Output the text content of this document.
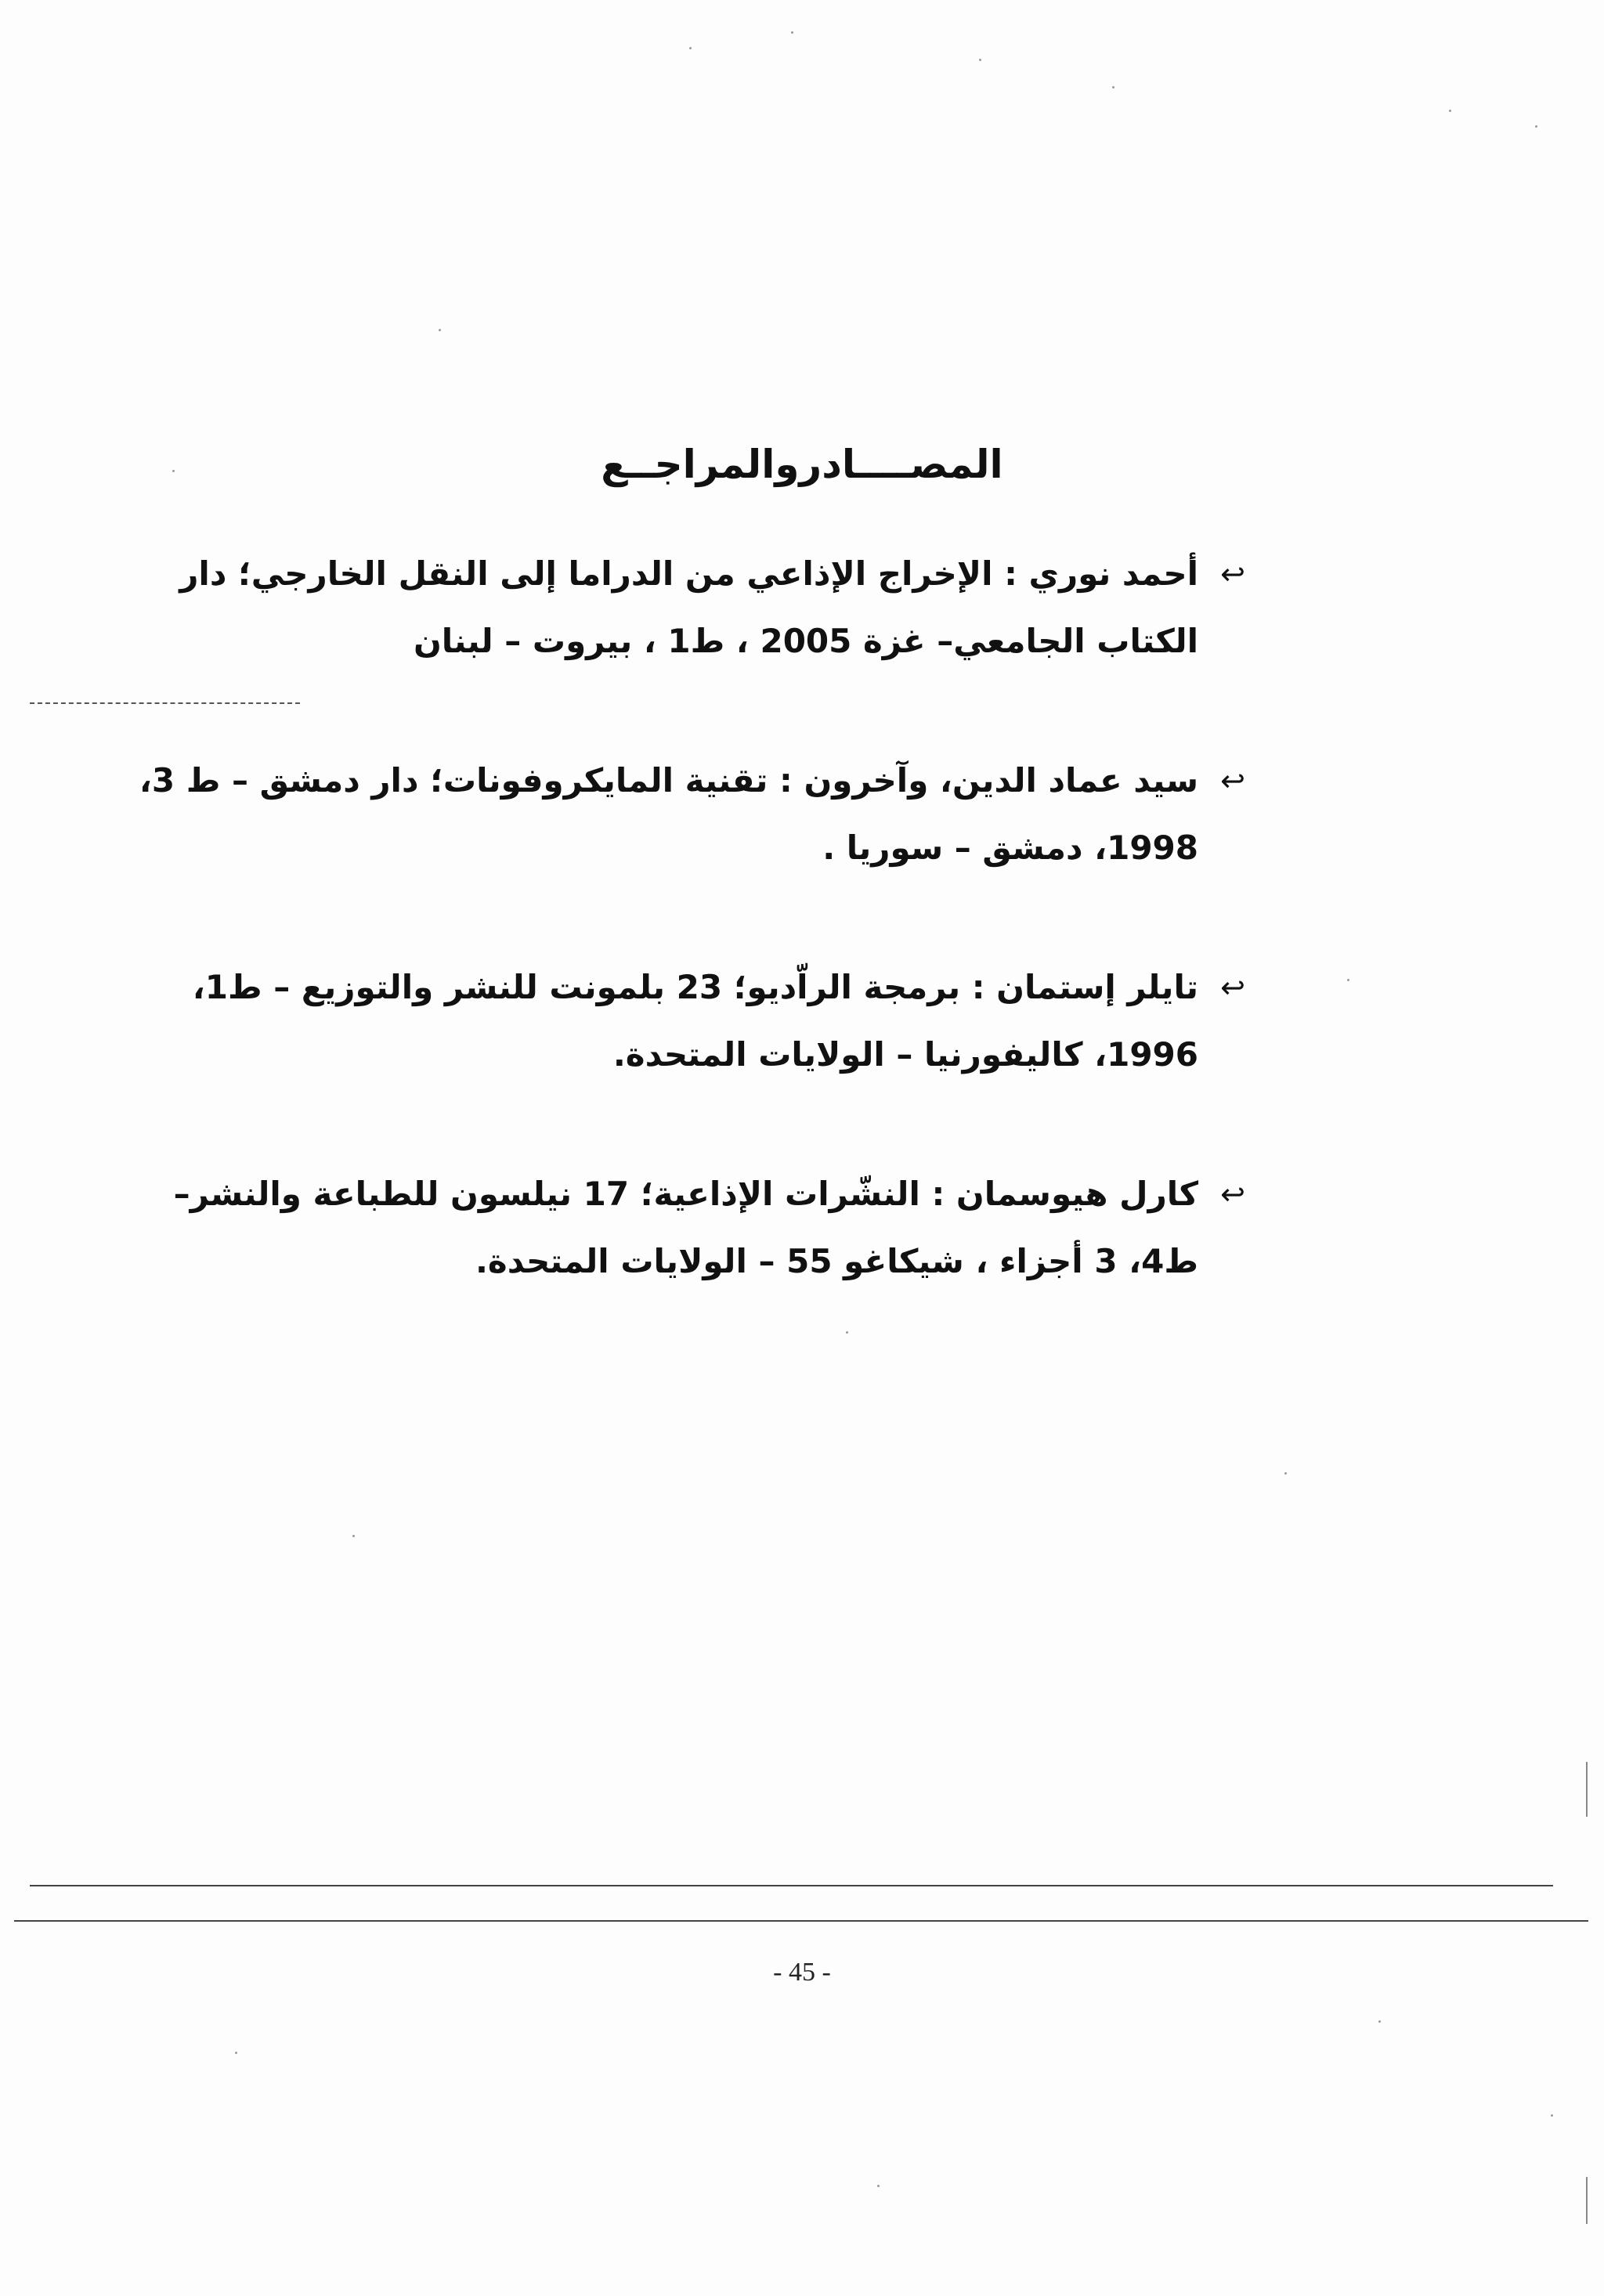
المصــــادروالمراجــع
↩
أحمد نوري : الإخراج الإذاعي من الدراما إلى النقل الخارجي؛ دار
الكتاب الجامعي– غزة 2005 ، ط1 ، بيروت – لبنان
↩
سيد عماد الدين، وآخرون : تقنية المايكروفونات؛ دار دمشق – ط 3،
1998، دمشق – سوريا .
↩
تايلر إستمان : برمجة الراّديو؛ 23 بلمونت للنشر والتوزيع – ط1،
1996، كاليفورنيا – الولايات المتحدة.
↩
كارل هيوسمان : النشّرات الإذاعية؛ 17 نيلسون للطباعة والنشر–
ط4، 3 أجزاء ، شيكاغو 55 – الولايات المتحدة.
- 45 -
